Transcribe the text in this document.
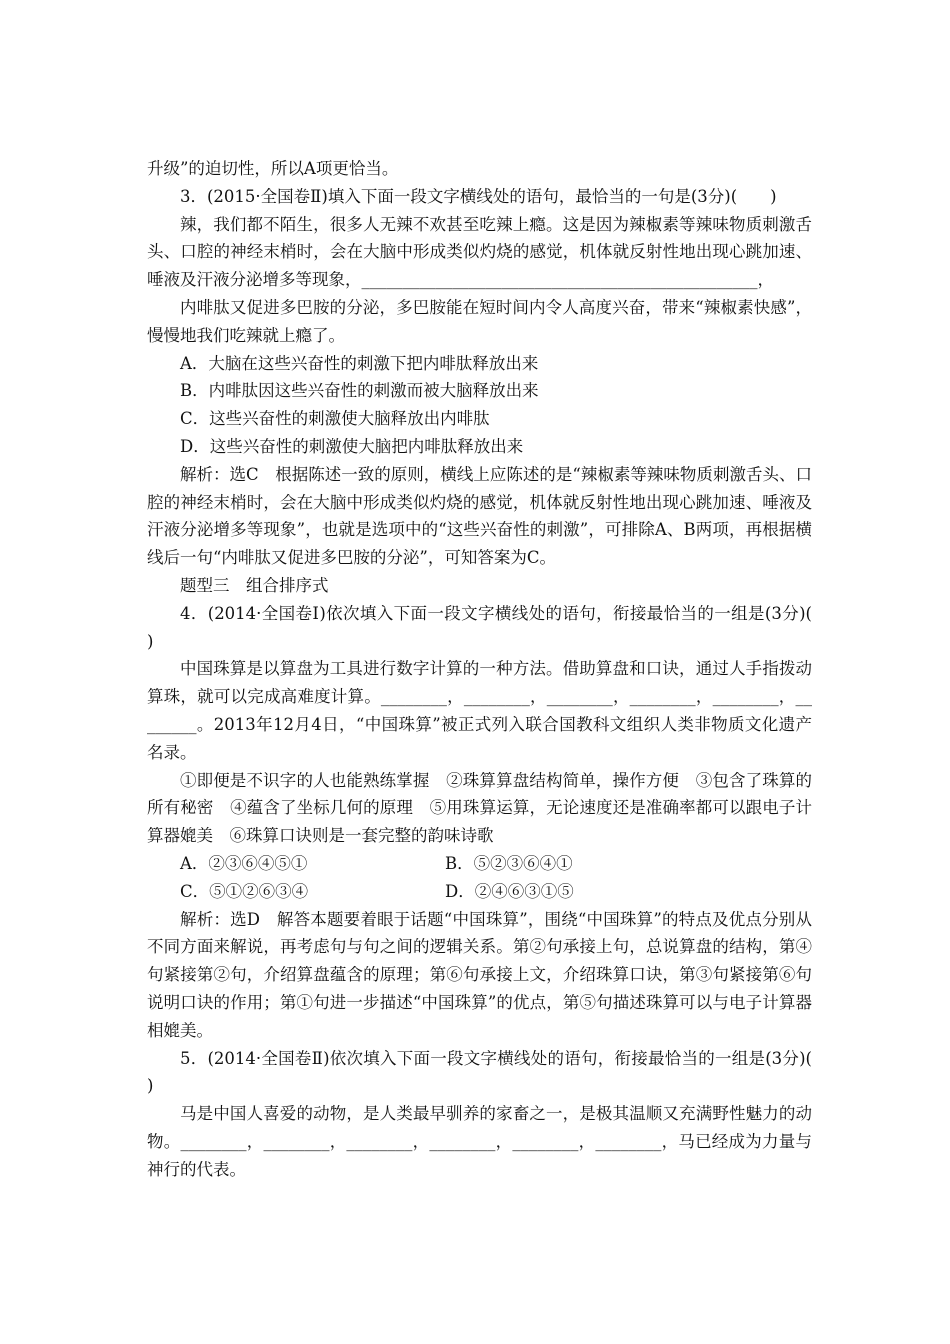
升级”的迫切性，所以A项更恰当。

3．(2015·全国卷Ⅱ)填入下面一段文字横线处的语句，最恰当的一句是(3分)(　　)

辣，我们都不陌生，很多人无辣不欢甚至吃辣上瘾。这是因为辣椒素等辣味物质刺激舌头、口腔的神经末梢时，会在大脑中形成类似灼烧的感觉，机体就反射性地出现心跳加速、唾液及汗液分泌增多等现象，________________________________________________，

内啡肽又促进多巴胺的分泌，多巴胺能在短时间内令人高度兴奋，带来“辣椒素快感”，慢慢地我们吃辣就上瘾了。

A．大脑在这些兴奋性的刺激下把内啡肽释放出来

B．内啡肽因这些兴奋性的刺激而被大脑释放出来

C．这些兴奋性的刺激使大脑释放出内啡肽

D．这些兴奋性的刺激使大脑把内啡肽释放出来

解析：选C　根据陈述一致的原则，横线上应陈述的是“辣椒素等辣味物质刺激舌头、口腔的神经末梢时，会在大脑中形成类似灼烧的感觉，机体就反射性地出现心跳加速、唾液及汗液分泌增多等现象”，也就是选项中的“这些兴奋性的刺激”，可排除A、B两项，再根据横线后一句“内啡肽又促进多巴胺的分泌”，可知答案为C。

题型三　组合排序式

4．(2014·全国卷Ⅰ)依次填入下面一段文字横线处的语句，衔接最恰当的一组是(3分)(　　)

中国珠算是以算盘为工具进行数字计算的一种方法。借助算盘和口诀，通过人手指拨动算珠，就可以完成高难度计算。________，________，________，________，________，________。2013年12月4日，“中国珠算”被正式列入联合国教科文组织人类非物质文化遗产名录。

①即便是不识字的人也能熟练掌握　②珠算算盘结构简单，操作方便　③包含了珠算的所有秘密　④蕴含了坐标几何的原理　⑤用珠算运算，无论速度还是准确率都可以跟电子计算器媲美　⑥珠算口诀则是一套完整的韵味诗歌

A．②③⑥④⑤①	B．⑤②③⑥④①
C．⑤①②⑥③④	D．②④⑥③①⑤

解析：选D　解答本题要着眼于话题“中国珠算”，围绕“中国珠算”的特点及优点分别从不同方面来解说，再考虑句与句之间的逻辑关系。第②句承接上句，总说算盘的结构，第④句紧接第②句，介绍算盘蕴含的原理；第⑥句承接上文，介绍珠算口诀，第③句紧接第⑥句说明口诀的作用；第①句进一步描述“中国珠算”的优点，第⑤句描述珠算可以与电子计算器相媲美。

5．(2014·全国卷Ⅱ)依次填入下面一段文字横线处的语句，衔接最恰当的一组是(3分)(　　)

马是中国人喜爱的动物，是人类最早驯养的家畜之一，是极其温顺又充满野性魅力的动物。________，________，________，________，________，________，马已经成为力量与神行的代表。
